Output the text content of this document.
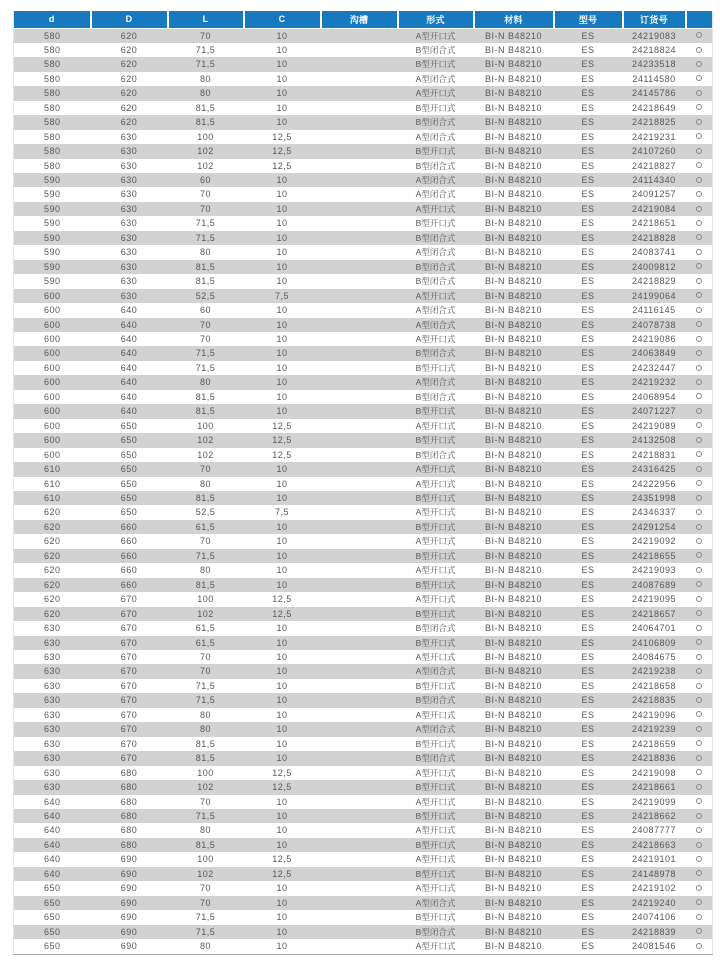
d	D	L	C	沟槽	形式	材料	型号	订货号	
580	620	70	10		A型开口式	BI-N B48210	ES	24219083	
580	620	71,5	10		B型闭合式	BI-N B48210	ES	24218824	
580	620	71,5	10		B型开口式	BI-N B48210	ES	24233518	
580	620	80	10		A型闭合式	BI-N B48210	ES	24114580	
580	620	80	10		A型开口式	BI-N B48210	ES	24145786	
580	620	81,5	10		B型开口式	BI-N B48210	ES	24218649	
580	620	81,5	10		B型闭合式	BI-N B48210	ES	24218825	
580	630	100	12,5		A型闭合式	BI-N B48210	ES	24219231	
580	630	102	12,5		B型开口式	BI-N B48210	ES	24107260	
580	630	102	12,5		B型闭合式	BI-N B48210	ES	24218827	
590	630	60	10		A型闭合式	BI-N B48210	ES	24114340	
590	630	70	10		A型闭合式	BI-N B48210	ES	24091257	
590	630	70	10		A型开口式	BI-N B48210	ES	24219084	
590	630	71,5	10		B型开口式	BI-N B48210	ES	24218651	
590	630	71,5	10		B型闭合式	BI-N B48210	ES	24218828	
590	630	80	10		A型闭合式	BI-N B48210	ES	24083741	
590	630	81,5	10		B型闭合式	BI-N B48210	ES	24009812	
590	630	81,5	10		B型闭合式	BI-N B48210	ES	24218829	
600	630	52,5	7,5		A型开口式	BI-N B48210	ES	24199064	
600	640	60	10		A型闭合式	BI-N B48210	ES	24116145	
600	640	70	10		A型闭合式	BI-N B48210	ES	24078738	
600	640	70	10		A型开口式	BI-N B48210	ES	24219086	
600	640	71,5	10		B型闭合式	BI-N B48210	ES	24063849	
600	640	71,5	10		B型开口式	BI-N B48210	ES	24232447	
600	640	80	10		A型闭合式	BI-N B48210	ES	24219232	
600	640	81,5	10		B型闭合式	BI-N B48210	ES	24068954	
600	640	81,5	10		B型开口式	BI-N B48210	ES	24071227	
600	650	100	12,5		A型开口式	BI-N B48210	ES	24219089	
600	650	102	12,5		B型开口式	BI-N B48210	ES	24132508	
600	650	102	12,5		B型闭合式	BI-N B48210	ES	24218831	
610	650	70	10		A型开口式	BI-N B48210	ES	24316425	
610	650	80	10		A型开口式	BI-N B48210	ES	24222956	
610	650	81,5	10		B型开口式	BI-N B48210	ES	24351998	
620	650	52,5	7,5		A型开口式	BI-N B48210	ES	24346337	
620	660	61,5	10		B型开口式	BI-N B48210	ES	24291254	
620	660	70	10		A型开口式	BI-N B48210	ES	24219092	
620	660	71,5	10		B型开口式	BI-N B48210	ES	24218655	
620	660	80	10		A型开口式	BI-N B48210	ES	24219093	
620	660	81,5	10		B型开口式	BI-N B48210	ES	24087689	
620	670	100	12,5		A型开口式	BI-N B48210	ES	24219095	
620	670	102	12,5		B型开口式	BI-N B48210	ES	24218657	
630	670	61,5	10		B型闭合式	BI-N B48210	ES	24064701	
630	670	61,5	10		B型开口式	BI-N B48210	ES	24106809	
630	670	70	10		A型开口式	BI-N B48210	ES	24084675	
630	670	70	10		A型闭合式	BI-N B48210	ES	24219238	
630	670	71,5	10		B型开口式	BI-N B48210	ES	24218658	
630	670	71,5	10		B型闭合式	BI-N B48210	ES	24218835	
630	670	80	10		A型开口式	BI-N B48210	ES	24219096	
630	670	80	10		A型闭合式	BI-N B48210	ES	24219239	
630	670	81,5	10		B型开口式	BI-N B48210	ES	24218659	
630	670	81,5	10		B型闭合式	BI-N B48210	ES	24218836	
630	680	100	12,5		A型开口式	BI-N B48210	ES	24219098	
630	680	102	12,5		B型开口式	BI-N B48210	ES	24218661	
640	680	70	10		A型开口式	BI-N B48210	ES	24219099	
640	680	71,5	10		B型开口式	BI-N B48210	ES	24218662	
640	680	80	10		A型开口式	BI-N B48210	ES	24087777	
640	680	81,5	10		B型开口式	BI-N B48210	ES	24218663	
640	690	100	12,5		A型开口式	BI-N B48210	ES	24219101	
640	690	102	12,5		B型开口式	BI-N B48210	ES	24148978	
650	690	70	10		A型开口式	BI-N B48210	ES	24219102	
650	690	70	10		A型闭合式	BI-N B48210	ES	24219240	
650	690	71,5	10		B型开口式	BI-N B48210	ES	24074106	
650	690	71,5	10		B型闭合式	BI-N B48210	ES	24218839	
650	690	80	10		A型开口式	BI-N B48210	ES	24081546	
